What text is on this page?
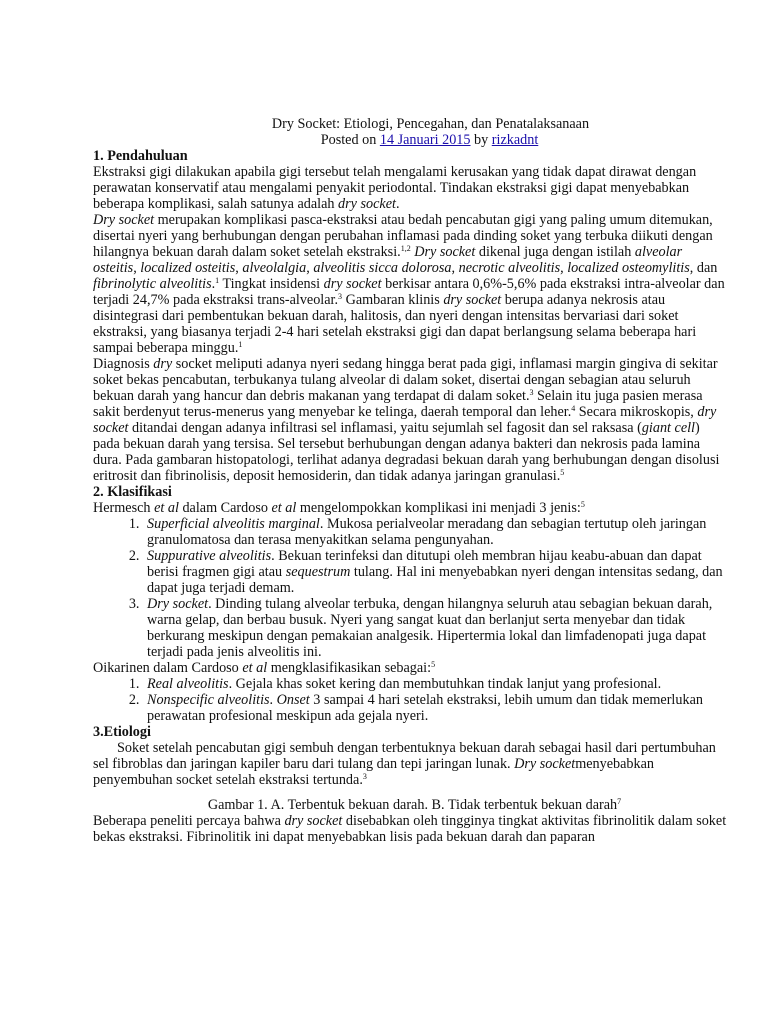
Dry Socket: Etiologi, Pencegahan, dan Penatalaksanaan

Posted on 14 Januari 2015 by rizkadnt

1. Pendahuluan

Ekstraksi gigi dilakukan apabila gigi tersebut telah mengalami kerusakan yang tidak dapat dirawat dengan perawatan konservatif atau mengalami penyakit periodontal. Tindakan ekstraksi gigi dapat menyebabkan beberapa komplikasi, salah satunya adalah dry socket.

Dry socket merupakan komplikasi pasca-ekstraksi atau bedah pencabutan gigi yang paling umum ditemukan, disertai nyeri yang berhubungan dengan perubahan inflamasi pada dinding soket yang terbuka diikuti dengan hilangnya bekuan darah dalam soket setelah ekstraksi.$^{1,2}$ Dry socket dikenal juga dengan istilah alveolar osteitis, localized osteitis, alveolalgia, alveolitis sicca dolorosa, necrotic alveolitis, localized osteomylitis, dan fibrinolytic alveolitis.$^1$ Tingkat insidensi dry socket berkisar antara 0,6%-5,6% pada ekstraksi intra-alveolar dan terjadi 24,7% pada ekstraksi trans-alveolar.$^3$ Gambaran klinis dry socket berupa adanya nekrosis atau disintegrasi dari pembentukan bekuan darah, halitosis, dan nyeri dengan intensitas bervariasi dari soket ekstraksi, yang biasanya terjadi 2-4 hari setelah ekstraksi gigi dan dapat berlangsung selama beberapa hari sampai beberapa minggu.$^1$

Diagnosis dry socket meliputi adanya nyeri sedang hingga berat pada gigi, inflamasi margin gingiva di sekitar soket bekas pencabutan, terbukanya tulang alveolar di dalam soket, disertai dengan sebagian atau seluruh bekuan darah yang hancur dan debris makanan yang terdapat di dalam soket.$^3$ Selain itu juga pasien merasa sakit berdenyut terus-menerus yang menyebar ke telinga, daerah temporal dan leher.$^4$ Secara mikroskopis, dry socket ditandai dengan adanya infiltrasi sel inflamasi, yaitu sejumlah sel fagosit dan sel raksasa (giant cell) pada bekuan darah yang tersisa. Sel tersebut berhubungan dengan adanya bakteri dan nekrosis pada lamina dura. Pada gambaran histopatologi, terlihat adanya degradasi bekuan darah yang berhubungan dengan disolusi eritrosit dan fibrinolisis, deposit hemosiderin, dan tidak adanya jaringan granulasi.$^5$

2. Klasifikasi

Hermesch et al dalam Cardoso et al mengelompokkan komplikasi ini menjadi 3 jenis:$^5$

1. Superficial alveolitis marginal. Mukosa perialveolar meradang dan sebagian tertutup oleh jaringan granulomatosa dan terasa menyakitkan selama pengunyahan.
2. Suppurative alveolitis. Bekuan terinfeksi dan ditutupi oleh membran hijau keabu-abuan dan dapat berisi fragmen gigi atau sequestrum tulang. Hal ini menyebabkan nyeri dengan intensitas sedang, dan dapat juga terjadi demam.
3. Dry socket. Dinding tulang alveolar terbuka, dengan hilangnya seluruh atau sebagian bekuan darah, warna gelap, dan berbau busuk. Nyeri yang sangat kuat dan berlanjut serta menyebar dan tidak berkurang meskipun dengan pemakaian analgesik. Hipertermia lokal dan limfadenopati juga dapat terjadi pada jenis alveolitis ini.

Oikarinen dalam Cardoso et al mengklasifikasikan sebagai:$^5$

1. Real alveolitis. Gejala khas soket kering dan membutuhkan tindak lanjut yang profesional.
2. Nonspecific alveolitis. Onset 3 sampai 4 hari setelah ekstraksi, lebih umum dan tidak memerlukan perawatan profesional meskipun ada gejala nyeri.
3.Etiologi

Soket setelah pencabutan gigi sembuh dengan terbentuknya bekuan darah sebagai hasil dari pertumbuhan sel fibroblas dan jaringan kapiler baru dari tulang dan tepi jaringan lunak. Dry socketmenyebabkan penyembuhan socket setelah ekstraksi tertunda.$^3$

Gambar 1. A. Terbentuk bekuan darah. B. Tidak terbentuk bekuan darah$^7$

Beberapa peneliti percaya bahwa dry socket disebabkan oleh tingginya tingkat aktivitas fibrinolitik dalam soket bekas ekstraksi. Fibrinolitik ini dapat menyebabkan lisis pada bekuan darah dan paparan
